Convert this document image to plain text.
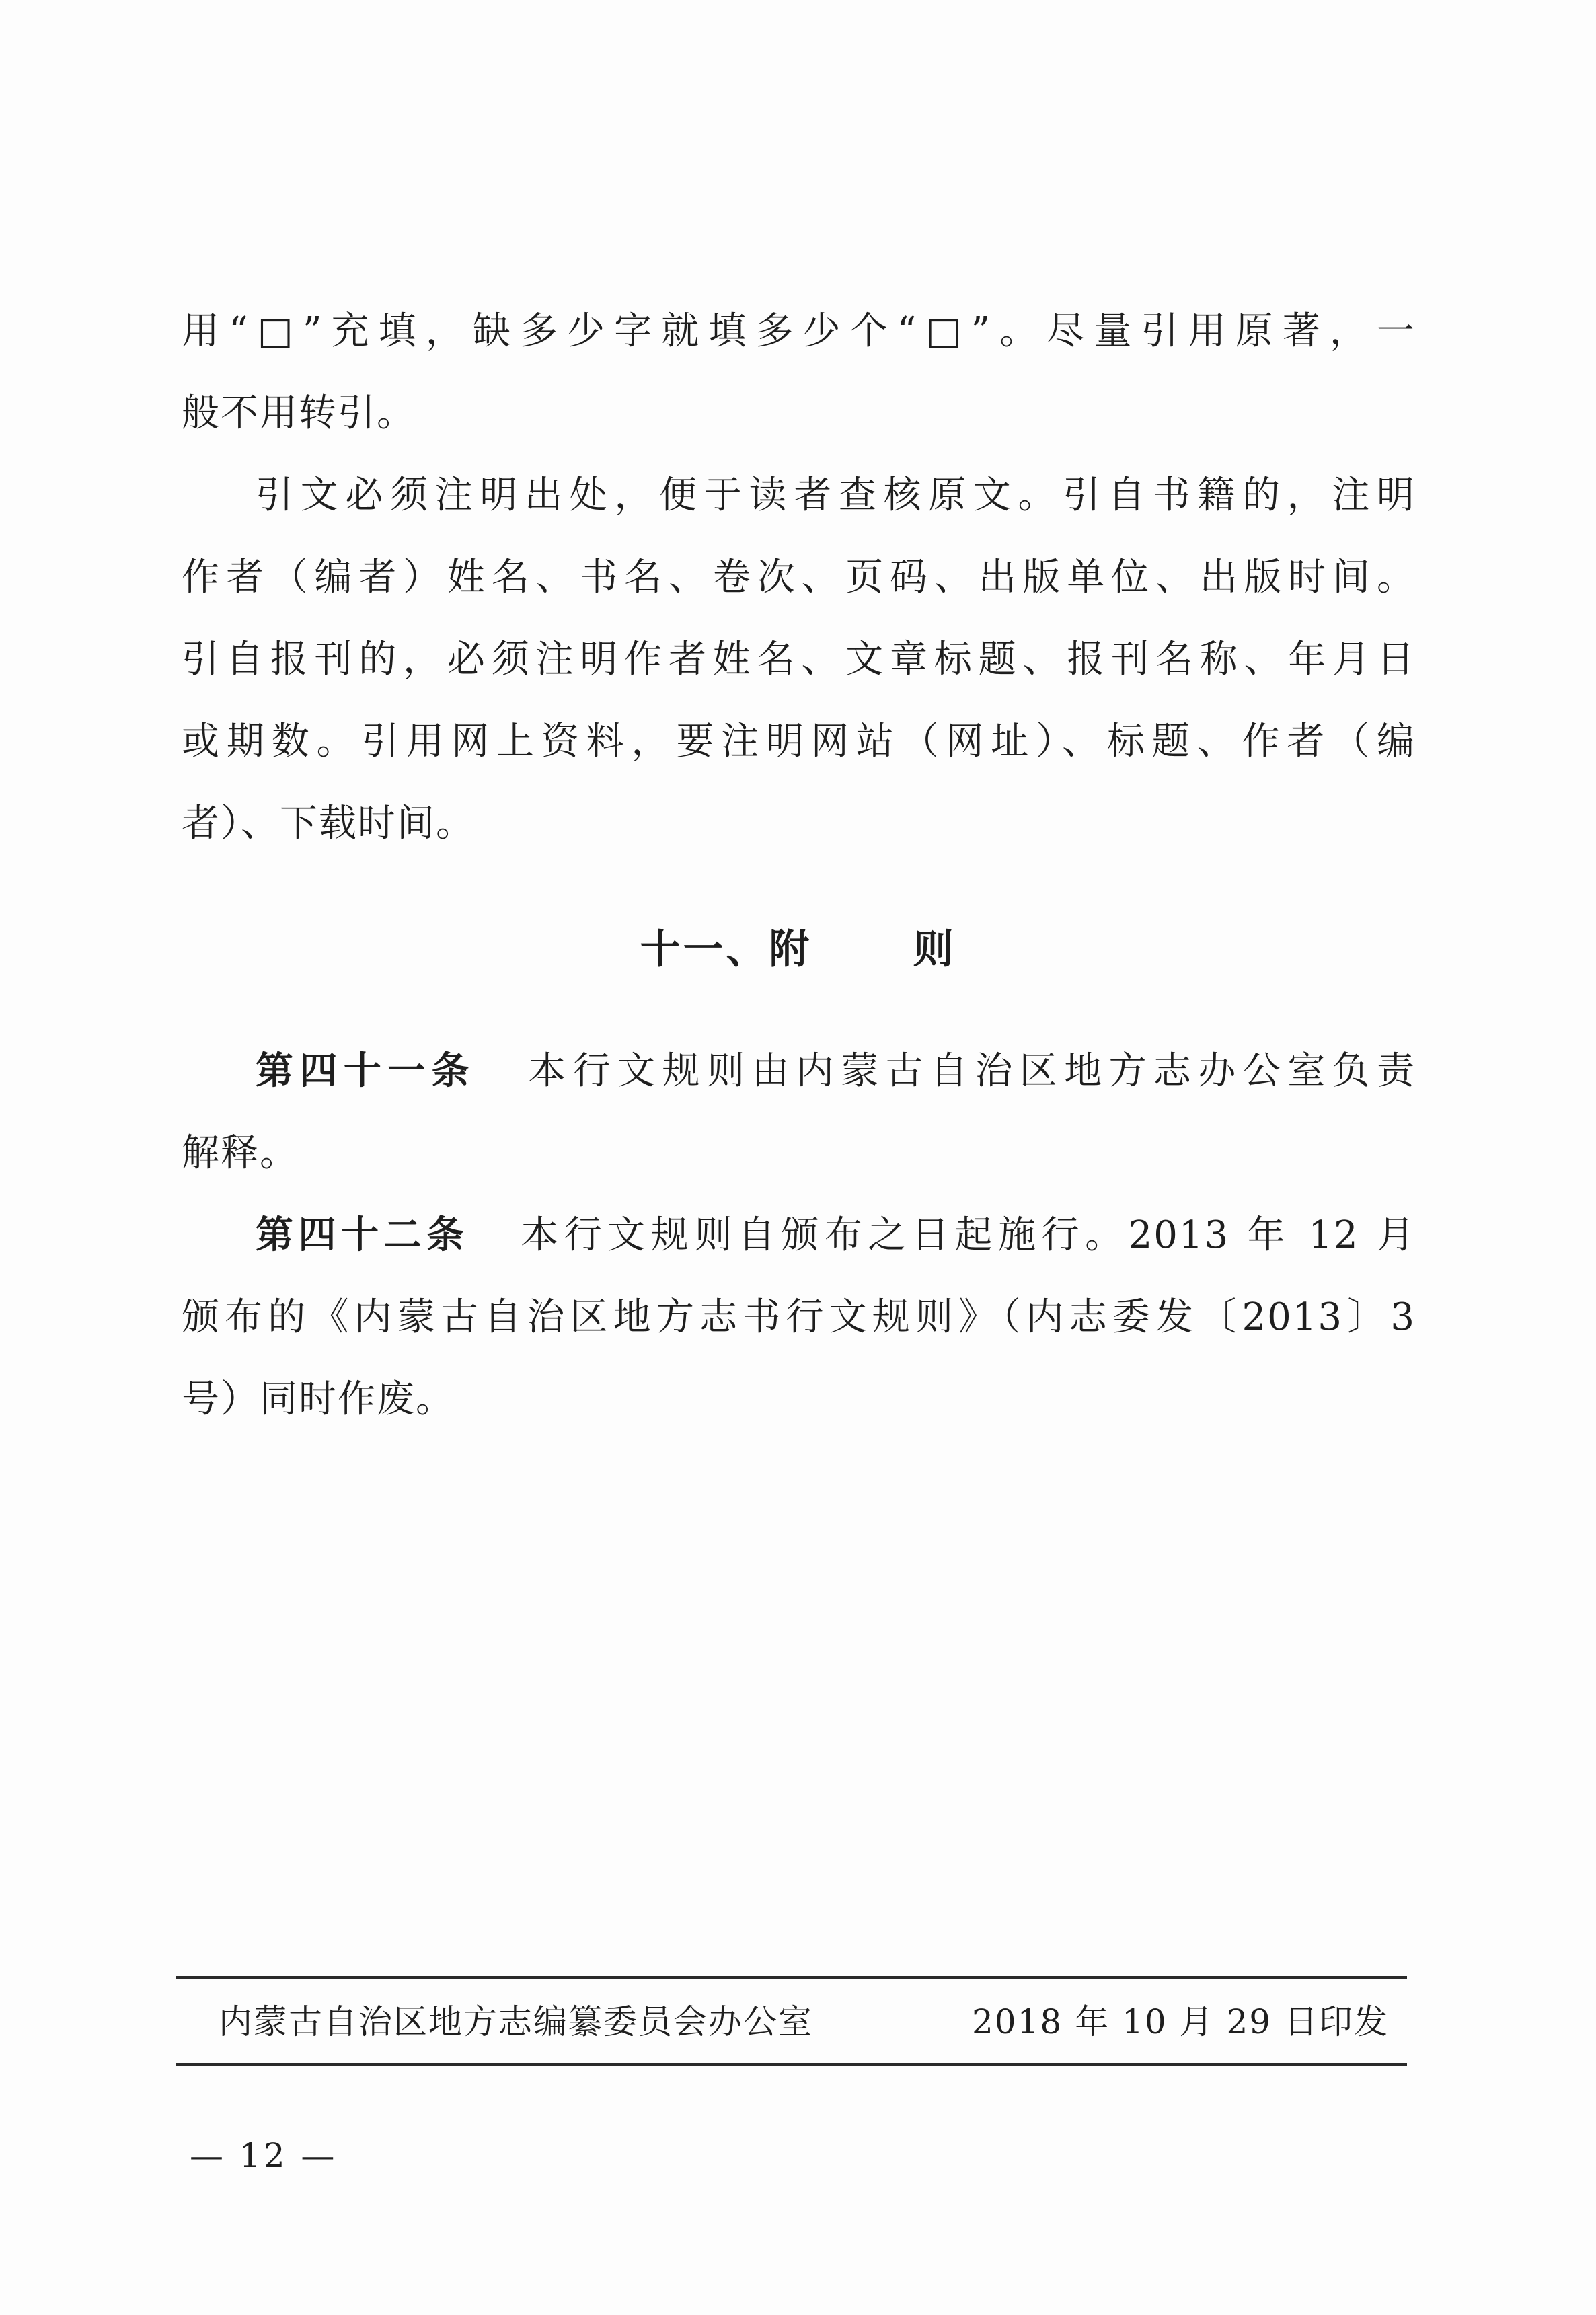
用“□”充填，缺多少字就填多少个“□”。尽量引用原著，一
般不用转引。
引文必须注明出处，便于读者查核原文。引自书籍的，注明
作者（编者）姓名、书名、卷次、页码、出版单位、出版时间。
引自报刊的，必须注明作者姓名、文章标题、报刊名称、年月日
或期数。引用网上资料，要注明网站（网址）、标题、作者（编
者）、下载时间。
十一、附	则
第四十一条 本行文规则由内蒙古自治区地方志办公室负责
解释。
第四十二条 本行文规则自颁布之日起施行。2013 年 12 月
颁布的《内蒙古自治区地方志书行文规则》（内志委发〔2013〕3
号）同时作废。
内蒙古自治区地方志编纂委员会办公室	2018 年 10 月 29 日印发
— 12 —
